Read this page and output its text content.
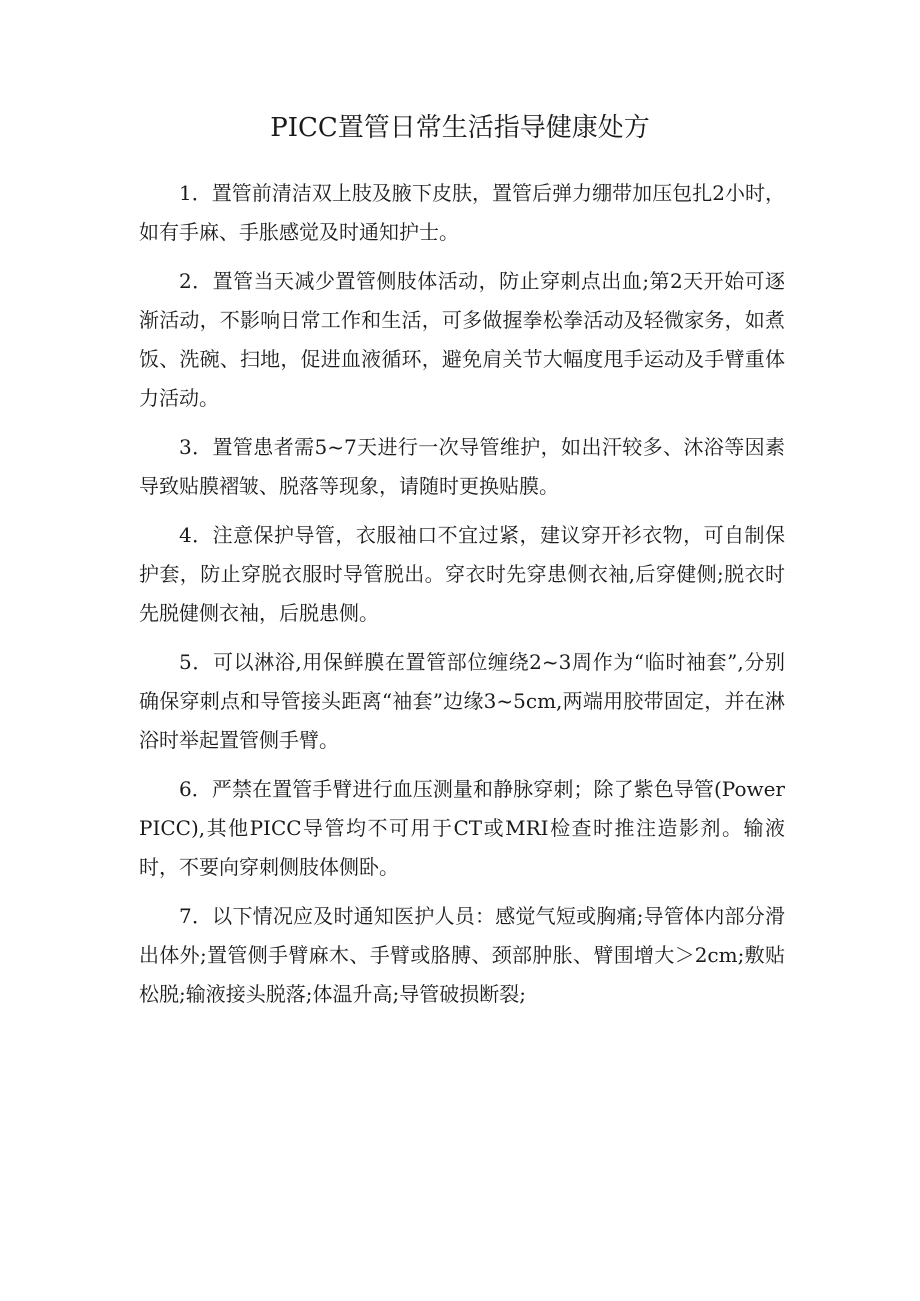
PICC置管日常生活指导健康处方

1．置管前清洁双上肢及腋下皮肤，置管后弹力绷带加压包扎2小时，如有手麻、手胀感觉及时通知护士。

2．置管当天减少置管侧肢体活动，防止穿刺点出血;第2天开始可逐渐活动，不影响日常工作和生活，可多做握拳松拳活动及轻微家务，如煮饭、洗碗、扫地，促进血液循环，避免肩关节大幅度甩手运动及手臂重体力活动。

3．置管患者需5~7天进行一次导管维护，如出汗较多、沐浴等因素导致贴膜褶皱、脱落等现象，请随时更换贴膜。

4．注意保护导管，衣服袖口不宜过紧，建议穿开衫衣物，可自制保护套，防止穿脱衣服时导管脱出。穿衣时先穿患侧衣袖,后穿健侧;脱衣时先脱健侧衣袖，后脱患侧。

5．可以淋浴,用保鲜膜在置管部位缠绕2~3周作为“临时袖套”,分别确保穿刺点和导管接头距离“袖套”边缘3~5cm,两端用胶带固定，并在淋浴时举起置管侧手臂。

6．严禁在置管手臂进行血压测量和静脉穿刺；除了紫色导管(PowerPICC),其他PICC导管均不可用于CT或MRI检查时推注造影剂。输液时，不要向穿刺侧肢体侧卧。

7．以下情况应及时通知医护人员：感觉气短或胸痛;导管体内部分滑出体外;置管侧手臂麻木、手臂或胳膊、颈部肿胀、臂围增大＞2cm;敷贴松脱;输液接头脱落;体温升高;导管破损断裂;
